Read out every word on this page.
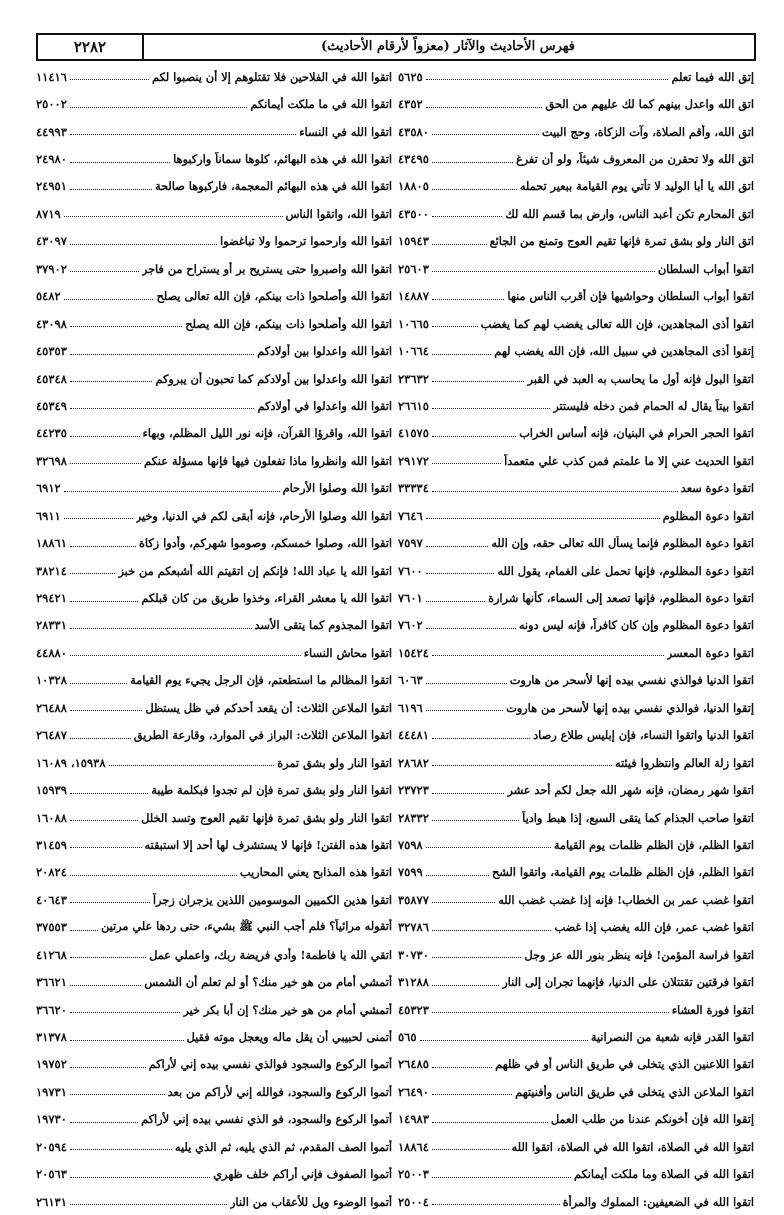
فهرس الأحاديث والآثار (معزواً لأرقام الأحاديث)
٢٢٨٢
إتق الله فيما تعلم
٥٦٢٥
اتق الله واعدل بينهم كما لك عليهم من الحق
٤٣٥٢
اتق الله، وأقم الصلاة، وآت الزكاة، وحج البيت
٤٣٥٨٠
اتق الله ولا تحقرن من المعروف شيئاً، ولو أن تفرغ
٤٣٤٩٥
اتق الله يا أبا الوليد لا تأتي يوم القيامة ببعير تحمله
١٨٨٠٥
اتق المحارم تكن أعبد الناس، وارض بما قسم الله لك
٤٣٥٠٠
اتق النار ولو بشق تمرة فإنها تقيم العوج وتمنع من الجائع
١٥٩٤٣
اتقوا أبواب السلطان
٢٥٦٠٣
اتقوا أبواب السلطان وحواشيها فإن أقرب الناس منها
١٤٨٨٧
اتقوا أذى المجاهدين، فإن الله تعالى يغضب لهم كما يغضب
١٠٦٦٥
إتقوا أذى المجاهدين في سبيل الله، فإن الله يغضب لهم
١٠٦٦٤
اتقوا البول فإنه أول ما يحاسب به العبد في القبر
٢٣٦٣٢
اتقوا بيتاً يقال له الحمام فمن دخله فليستتر
٢٦٦١٥
اتقوا الحجر الحرام في البنيان، فإنه أساس الخراب
٤١٥٧٥
اتقوا الحديث عني إلا ما علمتم فمن كذب علي متعمداً
٢٩١٧٢
اتقوا دعوة سعد
٣٣٣٣٤
اتقوا دعوة المظلوم
٧٦٤٦
اتقوا دعوة المظلوم فإنما يسأل الله تعالى حقه، وإن الله
٧٥٩٧
اتقوا دعوة المظلوم، فإنها تحمل على الغمام، يقول الله
٧٦٠٠
اتقوا دعوة المظلوم، فإنها تصعد إلى السماء، كأنها شرارة
٧٦٠١
اتقوا دعوة المظلوم وإن كان كافراً، فإنه ليس دونه
٧٦٠٢
اتقوا دعوة المعسر
١٥٤٢٤
اتقوا الدنيا فوالذي نفسي بيده إنها لأسحر من هاروت
٦٠٦٣
إتقوا الدنيا، فوالذي نفسي بيده إنها لأسحر من هاروت
٦١٩٦
اتقوا الدنيا واتقوا النساء، فإن إبليس طلاع رصاد
٤٤٤٨١
اتقوا زلة العالم وانتظروا فيئته
٢٨٦٨٢
اتقوا شهر رمضان، فإنه شهر الله جعل لكم أحد عشر
٢٣٧٢٣
اتقوا صاحب الجذام كما يتقى السبع، إذا هبط وادياً
٢٨٣٣٢
اتقوا الظلم، فإن الظلم ظلمات يوم القيامة
٧٥٩٨
اتقوا الظلم، فإن الظلم ظلمات يوم القيامة، واتقوا الشح
٧٥٩٩
اتقوا غضب عمر بن الخطاب! فإنه إذا غضب غضب الله
٣٥٨٧٧
اتقوا غضب عمر، فإن الله يغضب إذا غضب
٣٢٧٨٦
اتقوا فراسة المؤمن! فإنه ينظر بنور الله عز وجل
٣٠٧٣٠
اتقوا فرقتين تقتتلان على الدنيا، فإنهما تجران إلى النار
٣١٢٨٨
اتقوا فورة العشاء
٤٥٣٢٣
اتقوا القدر فإنه شعبة من النصرانية
٥٦٥
اتقوا اللاعنين الذي يتخلى في طريق الناس أو في ظلهم
٢٦٤٨٥
اتقوا الملاعن الذي يتخلى في طريق الناس وأفنيتهم
٢٦٤٩٠
إتقوا الله فإن أخونكم عندنا من طلب العمل
١٤٩٨٣
اتقوا الله في الصلاة، اتقوا الله في الصلاة، اتقوا الله
١٨٨٦٤
اتقوا الله في الصلاة وما ملكت أيمانكم
٢٥٠٠٣
اتقوا الله في الضعيفين: المملوك والمرأة
٢٥٠٠٤
اتقوا الله في الفلاحين فلا تقتلوهم إلا أن ينصبوا لكم
١١٤١٦
اتقوا الله في ما ملكت أيمانكم
٢٥٠٠٢
اتقوا الله في النساء
٤٤٩٩٣
اتقوا الله في هذه البهائم، كلوها سماناً واركبوها
٢٤٩٨٠
اتقوا الله في هذه البهائم المعجمة، فاركبوها صالحة
٢٤٩٥١
اتقوا الله، واتقوا الناس
٨٧١٩
اتقوا الله وارحموا ترحموا ولا تباغضوا
٤٣٠٩٧
اتقوا الله واصبروا حتى يستريح بر أو يستراح من فاجر
٣٧٩٠٢
اتقوا الله وأصلحوا ذات بينكم، فإن الله تعالى يصلح
٥٤٨٢
اتقوا الله وأصلحوا ذات بينكم، فإن الله يصلح
٤٣٠٩٨
اتقوا الله واعدلوا بين أولادكم
٤٥٣٥٣
اتقوا الله واعدلوا بين أولادكم كما تحبون أن يبروكم
٤٥٣٤٨
اتقوا الله واعدلوا في أولادكم
٤٥٣٤٩
اتقوا الله، واقرؤا القرآن، فإنه نور الليل المظلم، وبهاء
٤٤٢٣٥
اتقوا الله وانظروا ماذا تفعلون فيها فإنها مسؤلة عنكم
٣٢٦٩٨
اتقوا الله وصلوا الأرحام
٦٩١٢
اتقوا الله وصلوا الأرحام، فإنه أبقى لكم في الدنيا، وخير
٦٩١١
اتقوا الله، وصلوا خمسكم، وصوموا شهركم، وأدوا زكاة
١٨٨٦١
اتقوا الله يا عباد الله! فإنكم إن اتقيتم الله أشبعكم من خبز
٣٨٢١٤
اتقوا الله يا معشر القراء، وخذوا طريق من كان قبلكم
٢٩٤٢١
اتقوا المجذوم كما يتقى الأسد
٢٨٣٣١
اتقوا محاش النساء
٤٤٨٨٠
اتقوا المظالم ما استطعتم، فإن الرجل يجيء يوم القيامة
١٠٣٢٨
اتقوا الملاعن الثلاث: أن يقعد أحدكم في ظل يستظل
٢٦٤٨٨
اتقوا الملاعن الثلاث: البراز في الموارد، وقارعة الطريق
٢٦٤٨٧
اتقوا النار ولو بشق تمرة
١٥٩٣٨، ١٦٠٨٩
اتقوا النار ولو بشق تمرة فإن لم تجدوا فبكلمة طيبة
١٥٩٣٩
اتقوا النار ولو بشق تمرة فإنها تقيم العوج وتسد الخلل
١٦٠٨٨
اتقوا هذه الفتن! فإنها لا يستشرف لها أحد إلا استبقته
٣١٤٥٩
اتقوا هذه المذابح يعني المحاريب
٢٠٨٢٤
اتقوا هذين الكميين الموسومين اللذين يزجران زجراً
٤٠٦٤٣
أتقوله مرائياً؟ فلم أجب النبي ﷺ بشيء، حتى ردها علي مرتين
٣٧٥٥٣
اتقي الله يا فاطمة! وأدي فريضة ربك، واعملي عمل
٤١٢٦٨
أتمشي أمام من هو خير منك؟ أو لم تعلم أن الشمس
٣٦٦٢١
أتمشي أمام من هو خير منك؟ إن أبا بكر خير
٣٦٦٢٠
أتمنى لحبيبي أن يقل ماله ويعجل موته فقيل
٣١٣٧٨
أتموا الركوع والسجود فوالذي نفسي بيده إني لأراكم
١٩٧٥٢
أتموا الركوع والسجود، فوالله إني لأراكم من بعد
١٩٧٣١
أتموا الركوع والسجود، فو الذي نفسي بيده إني لأراكم
١٩٧٣٠
أتموا الصف المقدم، ثم الذي يليه، ثم الذي يليه
٢٠٥٩٤
أتموا الصفوف فإني أراكم خلف ظهري
٢٠٥٦٣
أتموا الوضوء ويل للأعقاب من النار
٢٦١٣١
